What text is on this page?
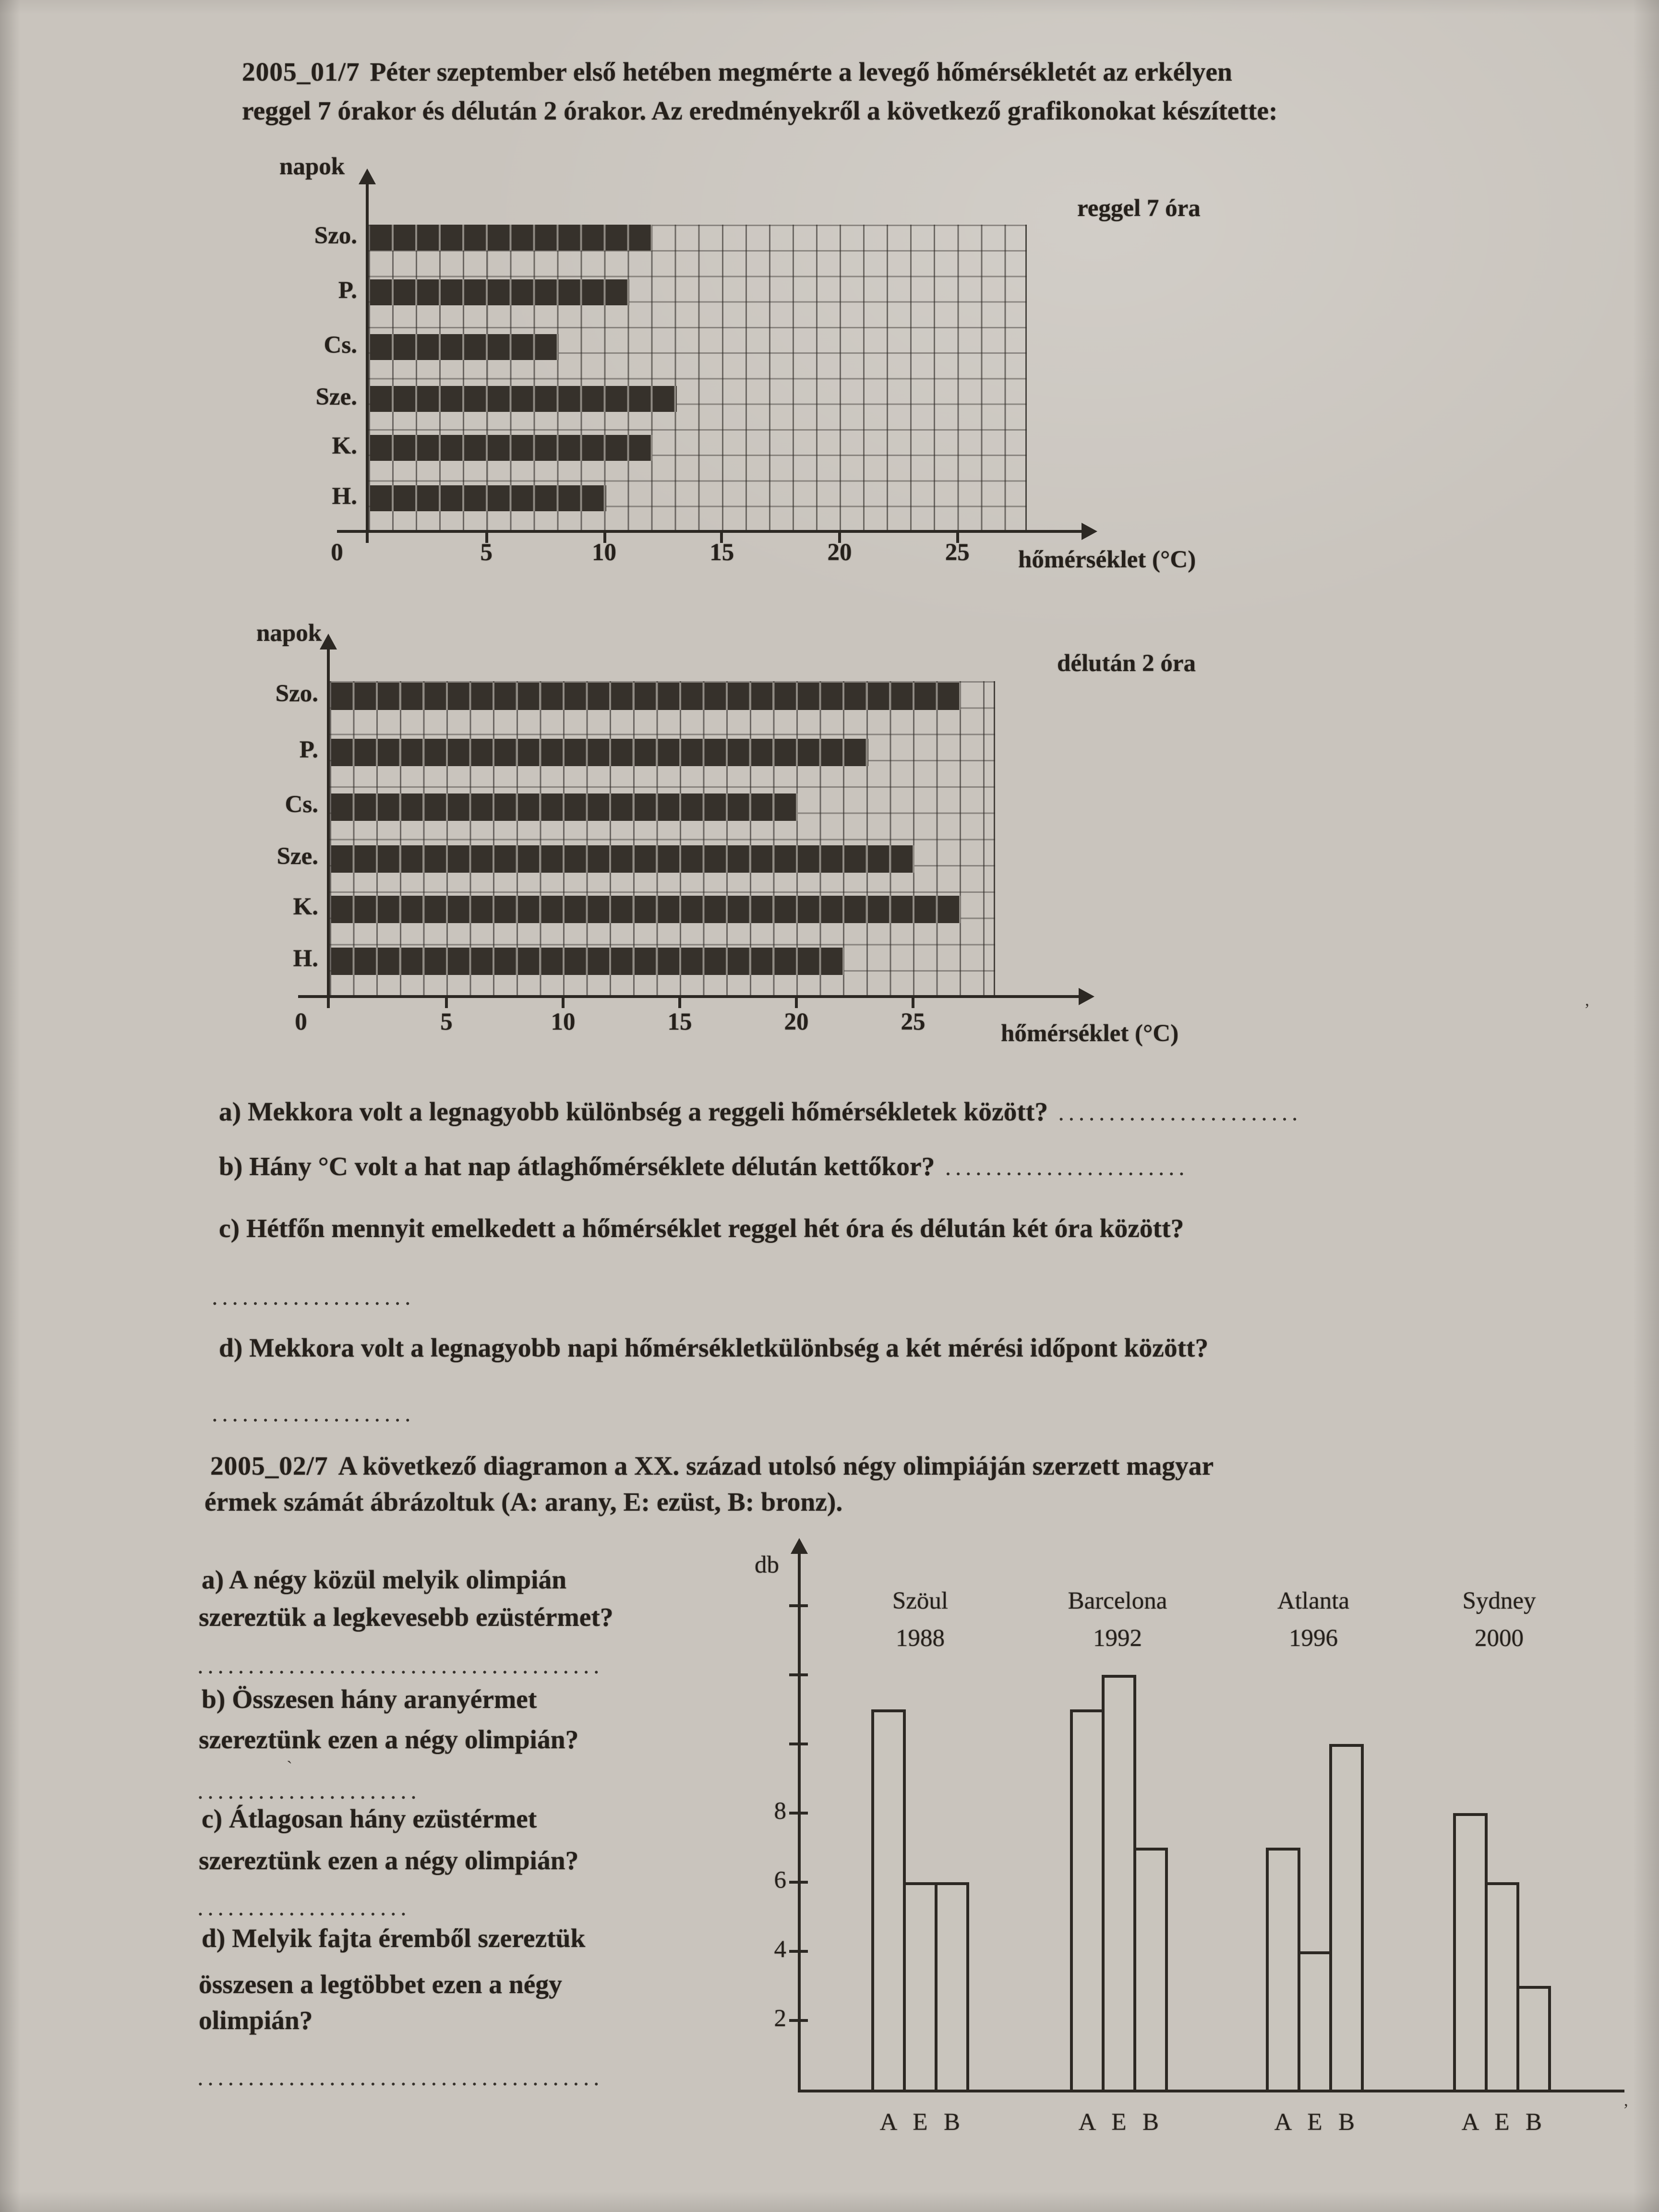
2005_01/7 Péter szeptember első hetében megmérte a levegő hőmérsékletét az erkélyen
reggel 7 órakor és délután 2 órakor. Az eredményekről a következő grafikonokat készítette:
napok
reggel 7 óra
hőmérséklet (°C)
Szo.
P.
Cs.
Sze.
K.
H.
0	5	10	15	20	25
napok
délután 2 óra
hőmérséklet (°C)
Szo.
P.
Cs.
Sze.
K.
H.
0	5	10	15	20	25
a) Mekkora volt a legnagyobb különbség a reggeli hőmérsékletek között? ........................
b) Hány °C volt a hat nap átlaghőmérséklete délután kettőkor? ........................
c) Hétfőn mennyit emelkedett a hőmérséklet reggel hét óra és délután két óra között?
....................
d) Mekkora volt a legnagyobb napi hőmérsékletkülönbség a két mérési időpont között?
....................
2005_02/7 A következő diagramon a XX. század utolsó négy olimpiáján szerzett magyar
érmek számát ábrázoltuk (A: arany, E: ezüst, B: bronz).
a) A négy közül melyik olimpián
szereztük a legkevesebb ezüstérmet?
........................................
b) Összesen hány aranyérmet
szereztünk ezen a négy olimpián?
......................
c) Átlagosan hány ezüstérmet
szereztünk ezen a négy olimpián?
.....................
d) Melyik fajta éremből szereztük
összesen a legtöbbet ezen a négy
olimpián?
........................................
db
2
4
6
8
A	E	B
Szöul
1988
A	E	B
Barcelona
1992
A	E	B
Atlanta
1996
A	E	B
Sydney
2000
ʼ
`
ʼ
